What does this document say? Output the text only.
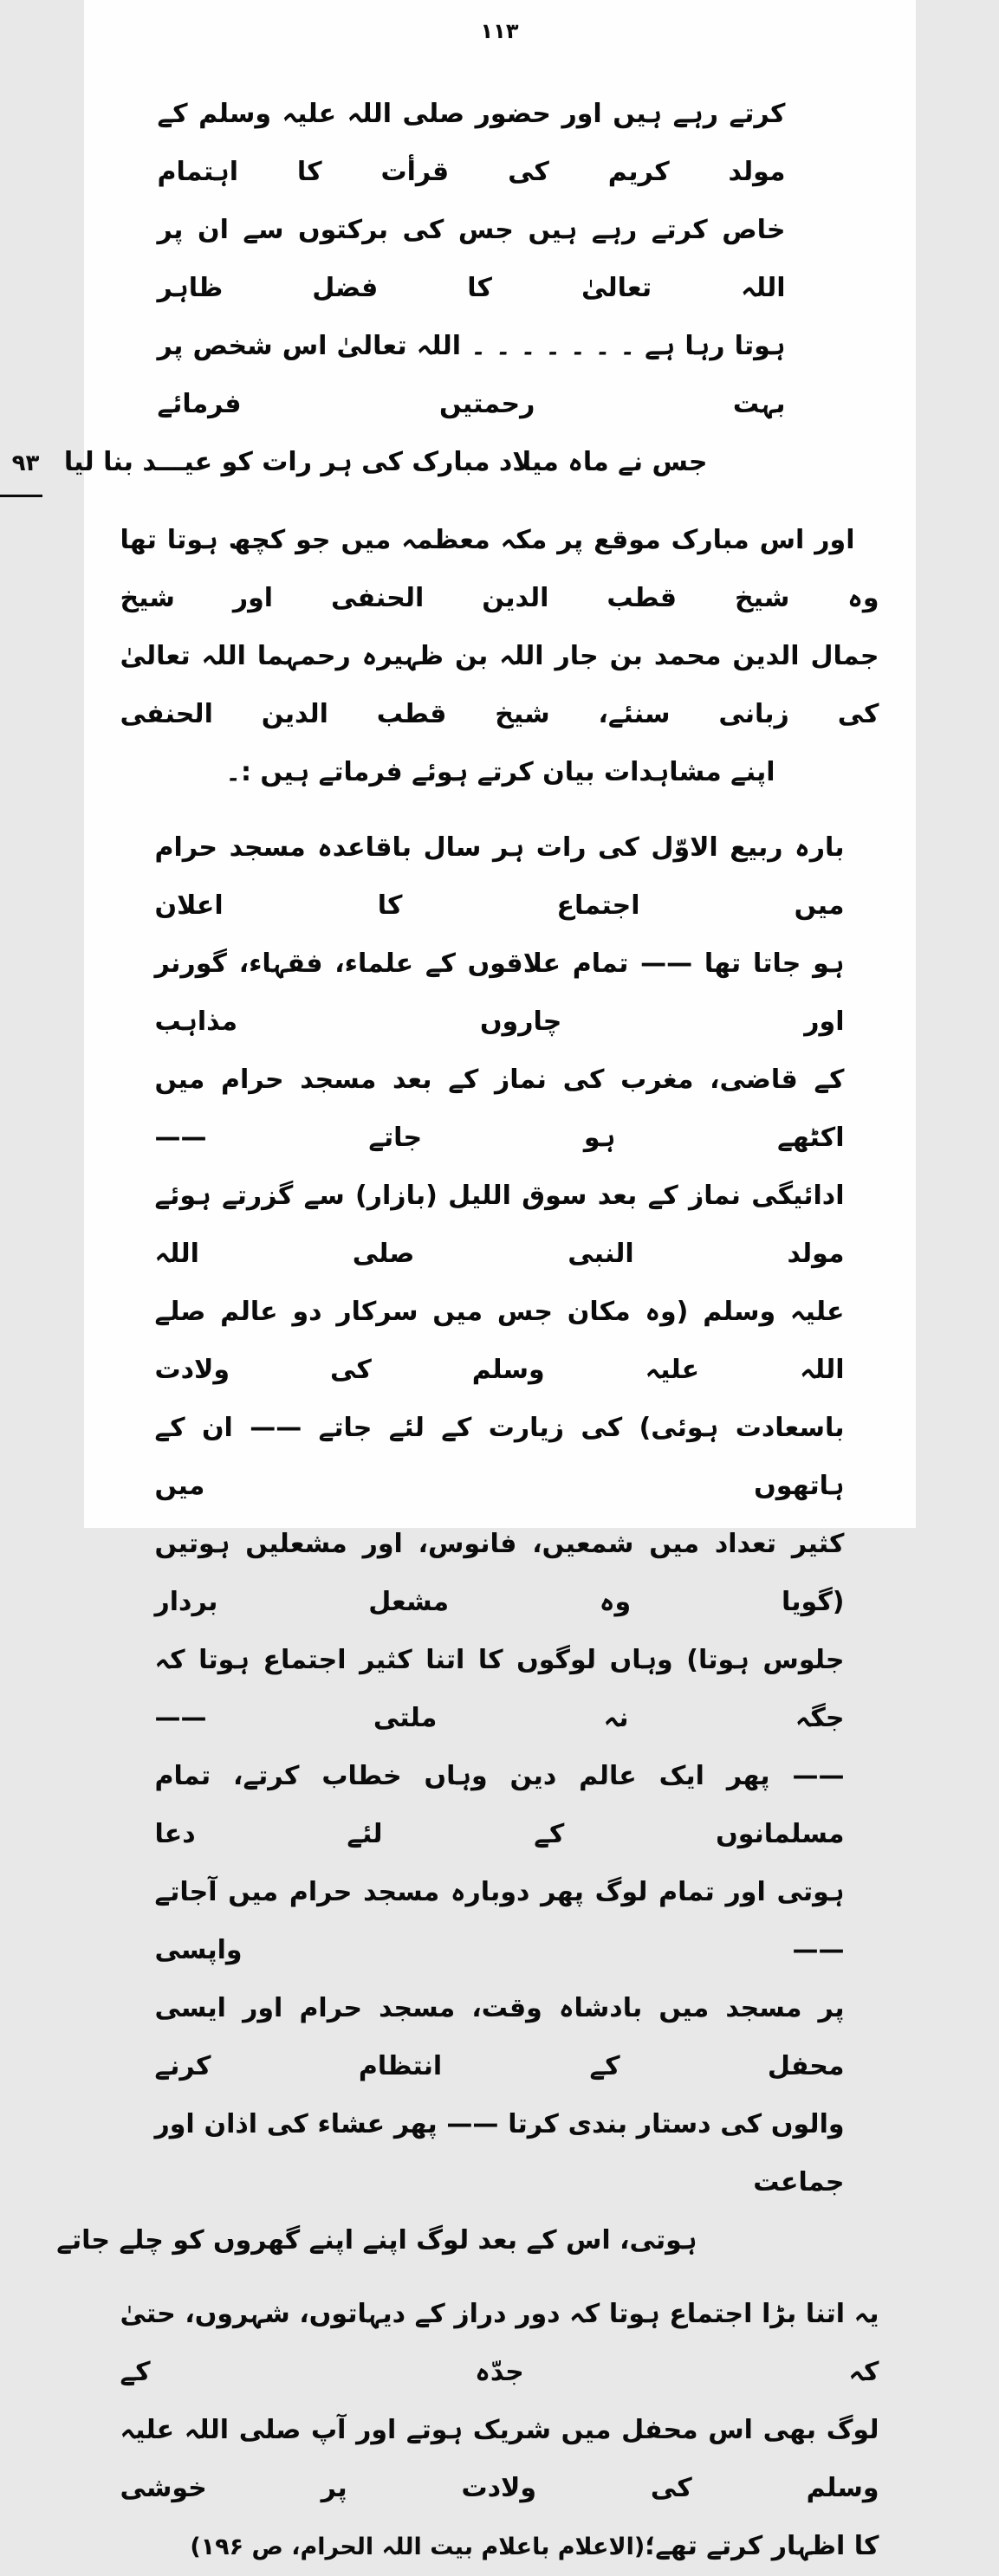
۱۱۳
کرتے رہے ہیں اور حضور صلی اللہ علیہ وسلم کے مولد کریم کی قرأت کا اہتمام
خاص کرتے رہے ہیں جس کی برکتوں سے ان پر اللہ تعالیٰ کا فضل ظاہر
ہوتا رہا ہے ۔ ۔ ۔ ۔ ۔ ۔ ۔ اللہ تعالیٰ اس شخص پر بہت رحمتیں فرمائے
جس نے ماہ میلاد مبارک کی ہر رات کو عیـــد بنا لیا ۹۳
اور اس مبارک موقع پر مکہ معظمہ میں جو کچھ ہوتا تھا وہ شیخ قطب الدین الحنفی اور شیخ
جمال الدین محمد بن جار اللہ بن ظہیرہ رحمہما اللہ تعالیٰ کی زبانی سنئے، شیخ قطب الدین الحنفی
اپنے مشاہدات بیان کرتے ہوئے فرماتے ہیں :۔
بارہ ربیع الاوّل کی رات ہر سال باقاعدہ مسجد حرام میں اجتماع کا اعلان
ہو جاتا تھا —— تمام علاقوں کے علماء، فقہاء، گورنر اور چاروں مذاہب
کے قاضی، مغرب کی نماز کے بعد مسجد حرام میں اکٹھے ہو جاتے ——
ادائیگی نماز کے بعد سوق اللیل (بازار) سے گزرتے ہوئے مولد النبی صلی اللہ
علیہ وسلم (وہ مکان جس میں سرکار دو عالم صلے اللہ علیہ وسلم کی ولادت
باسعادت ہوئی) کی زیارت کے لئے جاتے —— ان کے ہاتھوں میں
کثیر تعداد میں شمعیں، فانوس، اور مشعلیں ہوتیں (گویا وہ مشعل بردار
جلوس ہوتا) وہاں لوگوں کا اتنا کثیر اجتماع ہوتا کہ جگہ نہ ملتی ——
—— پھر ایک عالم دین وہاں خطاب کرتے، تمام مسلمانوں کے لئے دعا
ہوتی اور تمام لوگ پھر دوبارہ مسجد حرام میں آجاتے —— واپسی
پر مسجد میں بادشاہ وقت، مسجد حرام اور ایسی محفل کے انتظام کرنے
والوں کی دستار بندی کرتا —— پھر عشاء کی اذان اور جماعت
ہوتی، اس کے بعد لوگ اپنے اپنے گھروں کو چلے جاتے
یہ اتنا بڑا اجتماع ہوتا کہ دور دراز کے دیہاتوں، شہروں، حتیٰ کہ جدّہ کے
لوگ بھی اس محفل میں شریک ہوتے اور آپ صلی اللہ علیہ وسلم کی ولادت پر خوشی
کا اظہار کرتے تھے؛
(الاعلام باعلام بیت اللہ الحرام، ص ۱۹۶)
